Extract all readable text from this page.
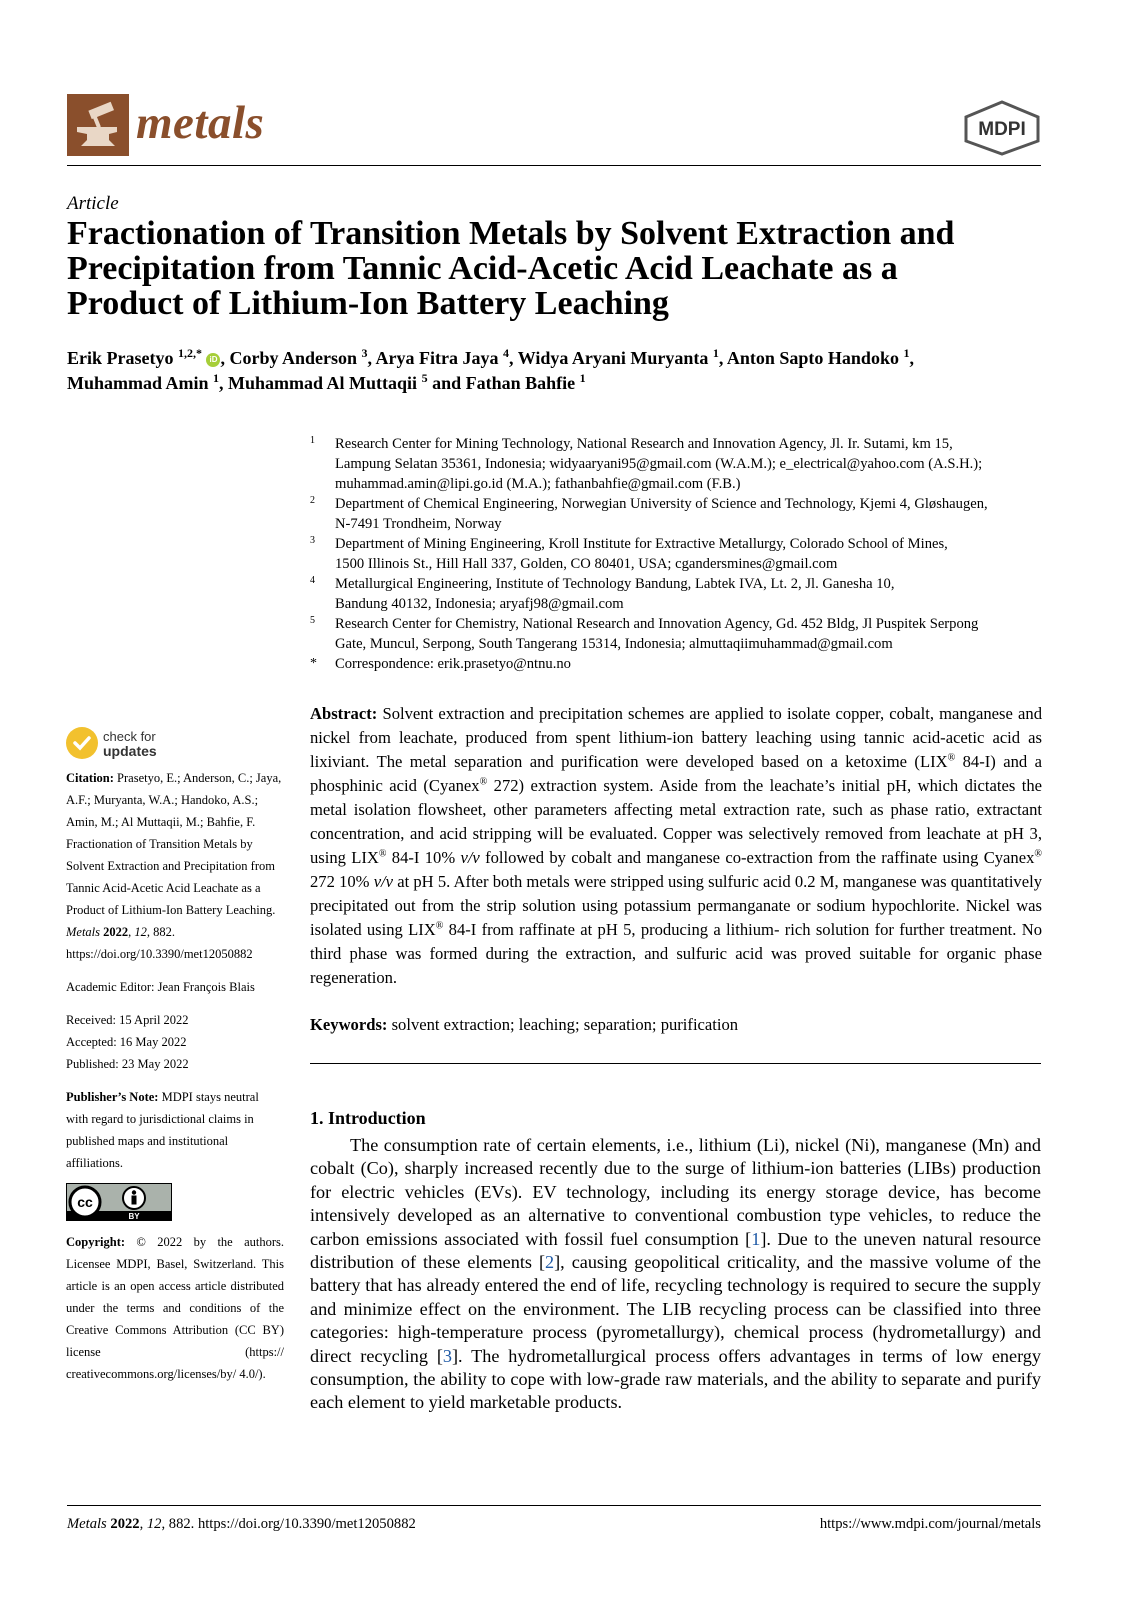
metals	MDPI
Article
Fractionation of Transition Metals by Solvent Extraction and
Precipitation from Tannic Acid-Acetic Acid Leachate as a
Product of Lithium-Ion Battery Leaching
Erik Prasetyo $^{1,2,*}$ iD , Corby Anderson $^3$, Arya Fitra Jaya $^4$, Widya Aryani Muryanta $^1$, Anton Sapto Handoko $^1$,
Muhammad Amin $^1$, Muhammad Al Muttaqii $^5$ and Fathan Bahfie $^1$
1 Research Center for Mining Technology, National Research and Innovation Agency, Jl. Ir. Sutami, km 15,
Lampung Selatan 35361, Indonesia; widyaaryani95@gmail.com (W.A.M.); e_electrical@yahoo.com (A.S.H.);
muhammad.amin@lipi.go.id (M.A.); fathanbahfie@gmail.com (F.B.)
2 Department of Chemical Engineering, Norwegian University of Science and Technology, Kjemi 4, Gløshaugen,
N-7491 Trondheim, Norway
3 Department of Mining Engineering, Kroll Institute for Extractive Metallurgy, Colorado School of Mines,
1500 Illinois St., Hill Hall 337, Golden, CO 80401, USA; cgandersmines@gmail.com
4 Metallurgical Engineering, Institute of Technology Bandung, Labtek IVA, Lt. 2, Jl. Ganesha 10,
Bandung 40132, Indonesia; aryafj98@gmail.com
5 Research Center for Chemistry, National Research and Innovation Agency, Gd. 452 Bldg, Jl Puspitek Serpong
Gate, Muncul, Serpong, South Tangerang 15314, Indonesia; almuttaqiimuhammad@gmail.com
* Correspondence: erik.prasetyo@ntnu.no
check for
updates

Citation: Prasetyo, E.; Anderson, C.; Jaya, A.F.; Muryanta, W.A.; Handoko, A.S.; Amin, M.; Al Muttaqii, M.; Bahfie, F. Fractionation of Transition Metals by Solvent Extraction and Precipitation from Tannic Acid-Acetic Acid Leachate as a Product of Lithium-Ion Battery Leaching. Metals 2022, 12, 882. https://doi.org/10.3390/met12050882

Academic Editor: Jean François Blais

Received: 15 April 2022

Accepted: 16 May 2022

Published: 23 May 2022

Publisher’s Note: MDPI stays neutral with regard to jurisdictional claims in published maps and institutional affiliations.

cc
BY

Copyright: © 2022 by the authors. Licensee MDPI, Basel, Switzerland. This article is an open access article distributed under the terms and conditions of the Creative Commons Attribution (CC BY) license (https:// creativecommons.org/licenses/by/ 4.0/).

Abstract: Solvent extraction and precipitation schemes are applied to isolate copper, cobalt, manganese and nickel from leachate, produced from spent lithium-ion battery leaching using tannic acid-acetic acid as lixiviant. The metal separation and purification were developed based on a ketoxime (LIX® 84-I) and a phosphinic acid (Cyanex® 272) extraction system. Aside from the leachate’s initial pH, which dictates the metal isolation flowsheet, other parameters affecting metal extraction rate, such as phase ratio, extractant concentration, and acid stripping will be evaluated. Copper was selectively removed from leachate at pH 3, using LIX® 84-I 10% v/v followed by cobalt and manganese co-extraction from the raffinate using Cyanex® 272 10% v/v at pH 5. After both metals were stripped using sulfuric acid 0.2 M, manganese was quantitatively precipitated out from the strip solution using potassium permanganate or sodium hypochlorite. Nickel was isolated using LIX® 84-I from raffinate at pH 5, producing a lithium- rich solution for further treatment. No third phase was formed during the extraction, and sulfuric acid was proved suitable for organic phase regeneration.
Keywords: solvent extraction; leaching; separation; purification
1. Introduction
The consumption rate of certain elements, i.e., lithium (Li), nickel (Ni), manganese (Mn) and cobalt (Co), sharply increased recently due to the surge of lithium-ion batteries (LIBs) production for electric vehicles (EVs). EV technology, including its energy storage device, has become intensively developed as an alternative to conventional combustion type vehicles, to reduce the carbon emissions associated with fossil fuel consumption [1]. Due to the uneven natural resource distribution of these elements [2], causing geopolitical criticality, and the massive volume of the battery that has already entered the end of life, recycling technology is required to secure the supply and minimize effect on the environment. The LIB recycling process can be classified into three categories: high-temperature process (pyrometallurgy), chemical process (hydrometallurgy) and direct recycling [3]. The hydrometallurgical process offers advantages in terms of low energy consumption, the ability to cope with low-grade raw materials, and the ability to separate and purify each element to yield marketable products.
Metals 2022, 12, 882. https://doi.org/10.3390/met12050882	https://www.mdpi.com/journal/metals
